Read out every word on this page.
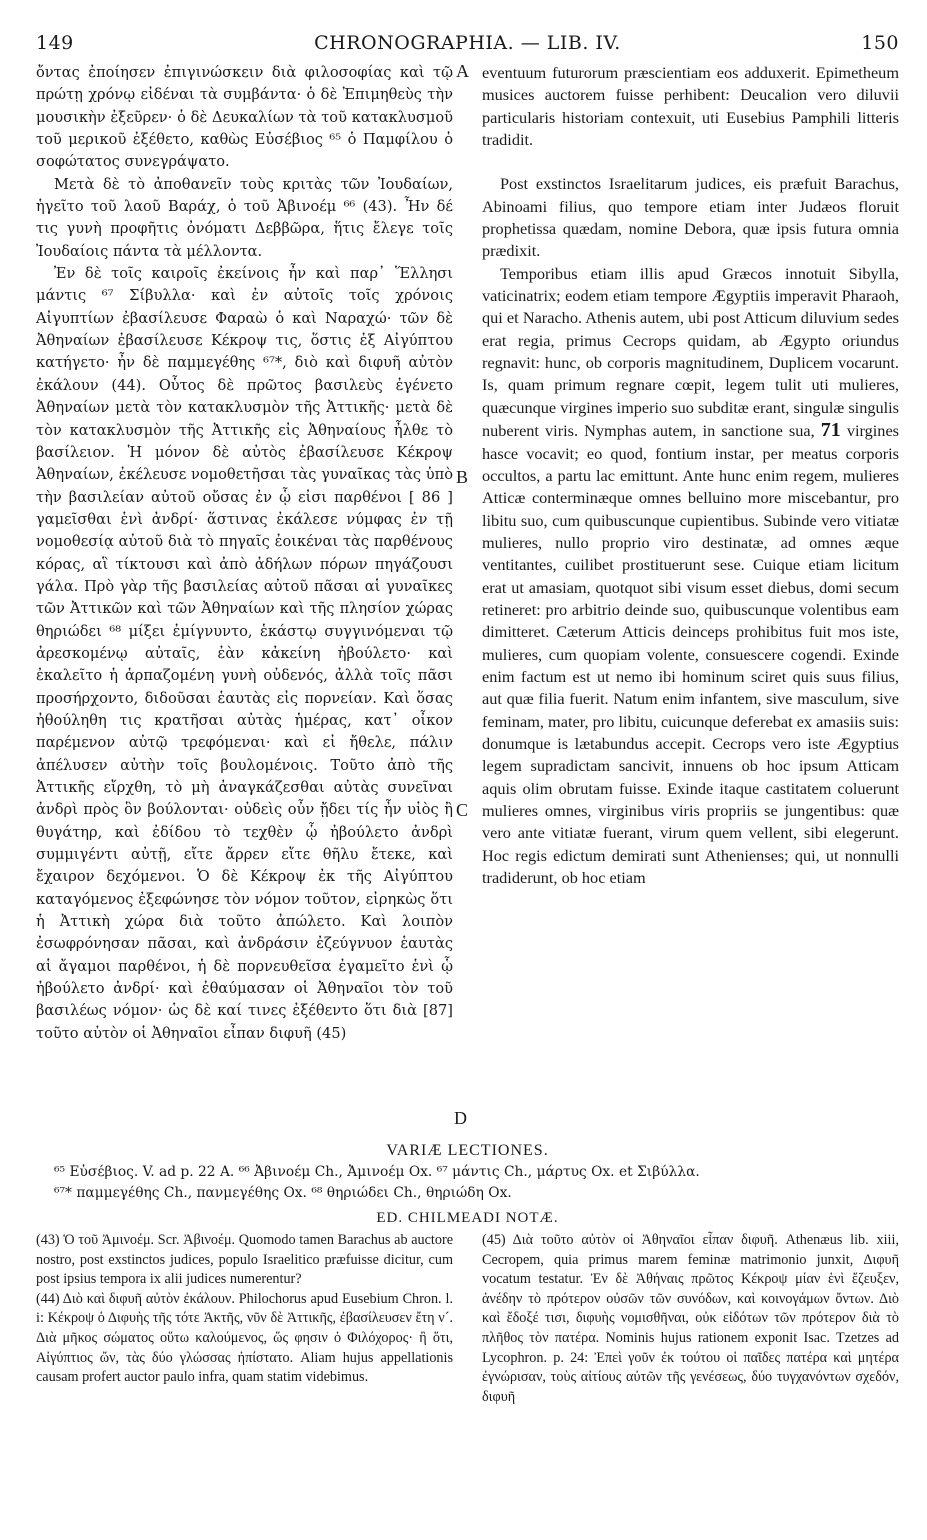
149	CHRONOGRAPHIA. — LIB. IV.	150

ὄντας ἐποίησεν ἐπιγινώσκειν διὰ φιλοσοφίας καὶ τῷ πρώτῃ χρόνῳ εἰδέναι τὰ συμβάντα· ὁ δὲ Ἐπιμηθεὺς τὴν μουσικὴν ἐξεῦρεν· ὁ δὲ Δευκαλίων τὰ τοῦ κατακλυσμοῦ τοῦ μερικοῦ ἐξέθετο, καθὼς Εὐσέβιος ⁶⁵ ὁ Παμφίλου ὁ σοφώτατος συνεγράψατο.

Μετὰ δὲ τὸ ἀποθανεῖν τοὺς κριτὰς τῶν Ἰουδαίων, ἡγεῖτο τοῦ λαοῦ Βαράχ, ὁ τοῦ Ἀβινοέμ ⁶⁶ (43). Ἦν δέ τις γυνὴ προφῆτις ὀνόματι Δεββῶρα, ἥτις ἔλεγε τοῖς Ἰουδαίοις πάντα τὰ μέλλοντα.

Ἐν δὲ τοῖς καιροῖς ἐκείνοις ἦν καὶ παρ᾽ Ἕλλησι μάντις ⁶⁷ Σίβυλλα· καὶ ἐν αὐτοῖς τοῖς χρόνοις Αἰγυπτίων ἐβασίλευσε Φαραὼ ὁ καὶ Ναραχώ· τῶν δὲ Ἀθηναίων ἐβασίλευσε Κέκροψ τις, ὅστις ἐξ Αἰγύπτου κατήγετο· ἦν δὲ παμμεγέθης ⁶⁷*, διὸ καὶ διφυῆ αὐτὸν ἐκάλουν (44). Οὗτος δὲ πρῶτος βασιλεὺς ἐγένετο Ἀθηναίων μετὰ τὸν κατακλυσμὸν τῆς Ἀττικῆς· μετὰ δὲ τὸν κατακλυσμὸν τῆς Ἀττικῆς εἰς Ἀθηναίους ἦλθε τὸ βασίλειον. Ἡ μόνον δὲ αὐτὸς ἐβασίλευσε Κέκροψ Ἀθηναίων, ἐκέλευσε νομοθετῆσαι τὰς γυναῖκας τὰς ὑπὸ τὴν βασιλείαν αὐτοῦ οὔσας ἐν ᾧ εἰσι παρθένοι [ 86 ] γαμεῖσθαι ἑνὶ ἀνδρί· ἅστινας ἐκάλεσε νύμφας ἐν τῇ νομοθεσίᾳ αὐτοῦ διὰ τὸ πηγαῖς ἐοικέναι τὰς παρθένους κόρας, αἳ τίκτουσι καὶ ἀπὸ ἀδήλων πόρων πηγάζουσι γάλα. Πρὸ γὰρ τῆς βασιλείας αὐτοῦ πᾶσαι αἱ γυναῖκες τῶν Ἀττικῶν καὶ τῶν Ἀθηναίων καὶ τῆς πλησίον χώρας θηριώδει ⁶⁸ μίξει ἐμίγνυντο, ἑκάστῳ συγγινόμεναι τῷ ἀρεσκομένῳ αὐταῖς, ἐὰν κἀκείνη ἠβούλετο· καὶ ἐκαλεῖτο ἡ ἁρπαζομένη γυνὴ οὐδενός, ἀλλὰ τοῖς πᾶσι προσήρχοντο, διδοῦσαι ἑαυτὰς εἰς πορνείαν. Καὶ ὅσας ἠθούληθη τις κρατῆσαι αὐτὰς ἡμέρας, κατ᾽ οἶκον παρέμενον αὐτῷ τρεφόμεναι· καὶ εἰ ἤθελε, πάλιν ἀπέλυσεν αὐτὴν τοῖς βουλομένοις. Τοῦτο ἀπὸ τῆς Ἀττικῆς εἴρχθη, τὸ μὴ ἀναγκάζεσθαι αὐτὰς συνεῖναι ἀνδρὶ πρὸς ὃν βούλονται· οὐδεὶς οὖν ᾔδει τίς ἦν υἱὸς ἢ θυγάτηρ, καὶ ἐδίδου τὸ τεχθὲν ᾧ ἠβούλετο ἀνδρὶ συμμιγέντι αὐτῇ, εἴτε ἄρρεν εἴτε θῆλυ ἔτεκε, καὶ ἔχαιρον δεχόμενοι. Ὁ δὲ Κέκροψ ἐκ τῆς Αἰγύπτου καταγόμενος ἐξεφώνησε τὸν νόμον τοῦτον, εἰρηκὼς ὅτι ἡ Ἀττικὴ χώρα διὰ τοῦτο ἀπώλετο. Καὶ λοιπὸν ἐσωφρόνησαν πᾶσαι, καὶ ἀνδράσιν ἐζεύγνυον ἑαυτὰς αἱ ἄγαμοι παρθένοι, ἡ δὲ πορνευθεῖσα ἐγαμεῖτο ἑνὶ ᾧ ἠβούλετο ἀνδρί· καὶ ἐθαύμασαν οἱ Ἀθηναῖοι τὸν τοῦ βασιλέως νόμον· ὡς δὲ καί τινες ἐξέθεντο ὅτι διὰ [87] τοῦτο αὐτὸν οἱ Ἀθηναῖοι εἶπαν διφυῆ (45)

A
B
C
D

eventuum futurorum præscientiam eos adduxerit. Epimetheum musices auctorem fuisse perhibent: Deucalion vero diluvii particularis historiam contexuit, uti Eusebius Pamphili litteris tradidit.

Post exstinctos Israelitarum judices, eis præfuit Barachus, Abinoami filius, quo tempore etiam inter Judæos floruit prophetissa quædam, nomine Debora, quæ ipsis futura omnia prædixit.

Temporibus etiam illis apud Græcos innotuit Sibylla, vaticinatrix; eodem etiam tempore Ægyptiis imperavit Pharaoh, qui et Naracho. Athenis autem, ubi post Atticum diluvium sedes erat regia, primus Cecrops quidam, ab Ægypto oriundus regnavit: hunc, ob corporis magnitudinem, Duplicem vocarunt. Is, quam primum regnare cœpit, legem tulit uti mulieres, quæcunque virgines imperio suo subditæ erant, singulæ singulis nuberent viris. Nymphas autem, in sanctione sua, 71 virgines hasce vocavit; eo quod, fontium instar, per meatus corporis occultos, a partu lac emittunt. Ante hunc enim regem, mulieres Atticæ conterminæque omnes belluino more miscebantur, pro libitu suo, cum quibuscunque cupientibus. Subinde vero vitiatæ mulieres, nullo proprio viro destinatæ, ad omnes æque ventitantes, cuilibet prostituerunt sese. Cuique etiam licitum erat ut amasiam, quotquot sibi visum esset diebus, domi secum retineret: pro arbitrio deinde suo, quibuscunque volentibus eam dimitteret. Cæterum Atticis deinceps prohibitus fuit mos iste, mulieres, cum quopiam volente, consuescere cogendi. Exinde enim factum est ut nemo ibi hominum sciret quis suus filius, aut quæ filia fuerit. Natum enim infantem, sive masculum, sive feminam, mater, pro libitu, cuicunque deferebat ex amasiis suis: donumque is lætabundus accepit. Cecrops vero iste Ægyptius legem supradictam sancivit, innuens ob hoc ipsum Atticam aquis olim obrutam fuisse. Exinde itaque castitatem coluerunt mulieres omnes, virginibus viris propriis se jungentibus: quæ vero ante vitiatæ fuerant, virum quem vellent, sibi elegerunt. Hoc regis edictum demirati sunt Athenienses; qui, ut nonnulli tradiderunt, ob hoc etiam

VARIÆ LECTIONES.
⁶⁵ Εὐσέβιος. V. ad p. 22 A. ⁶⁶ Ἀβινοέμ Ch., Ἀμινοέμ Ox. ⁶⁷ μάντις Ch., μάρτυς Ox. et Σιβύλλα.
⁶⁷* παμμεγέθης Ch., πανμεγέθης Ox. ⁶⁸ θηριώδει Ch., θηριώδη Ox.
ED. CHILMEADI NOTÆ.

(43) Ὁ τοῦ Ἀμινοέμ. Scr. Ἀβινοέμ. Quomodo tamen Barachus ab auctore nostro, post exstinctos judices, populo Israelitico præfuisse dicitur, cum post ipsius tempora ix alii judices numerentur?

(44) Διὸ καὶ διφυῆ αὐτὸν ἐκάλουν. Philochorus apud Eusebium Chron. l. i: Κέκροψ ὁ Διφυὴς τῆς τότε Ἀκτῆς, νῦν δὲ Ἀττικῆς, ἐβασίλευσεν ἔτη ν´. Διὰ μῆκος σώματος οὕτω καλούμενος, ὥς φησιν ὁ Φιλόχορος· ἢ ὅτι, Αἰγύπτιος ὤν, τὰς δύο γλώσσας ἠπίστατο. Aliam hujus appellationis causam profert auctor paulo infra, quam statim videbimus.

(45) Διὰ τοῦτο αὐτὸν οἱ Ἀθηναῖοι εἶπαν διφυῆ. Athenæus lib. xiii, Cecropem, quia primus marem feminæ matrimonio junxit, Διφυῆ vocatum testatur. Ἐν δὲ Ἀθήναις πρῶτος Κέκροψ μίαν ἑνὶ ἔζευξεν, ἀνέδην τὸ πρότερον οὐσῶν τῶν συνόδων, καὶ κοινογάμων ὄντων. Διὸ καὶ ἔδοξέ τισι, διφυὴς νομισθῆναι, οὐκ εἰδότων τῶν πρότερον διὰ τὸ πλῆθος τὸν πατέρα. Nominis hujus rationem exponit Isac. Tzetzes ad Lycophron. p. 24: Ἐπεὶ γοῦν ἐκ τούτου οἱ παῖδες πατέρα καὶ μητέρα ἐγνώρισαν, τοὺς αἰτίους αὐτῶν τῆς γενέσεως, δύο τυγχανόντων σχεδόν, διφυῆ
